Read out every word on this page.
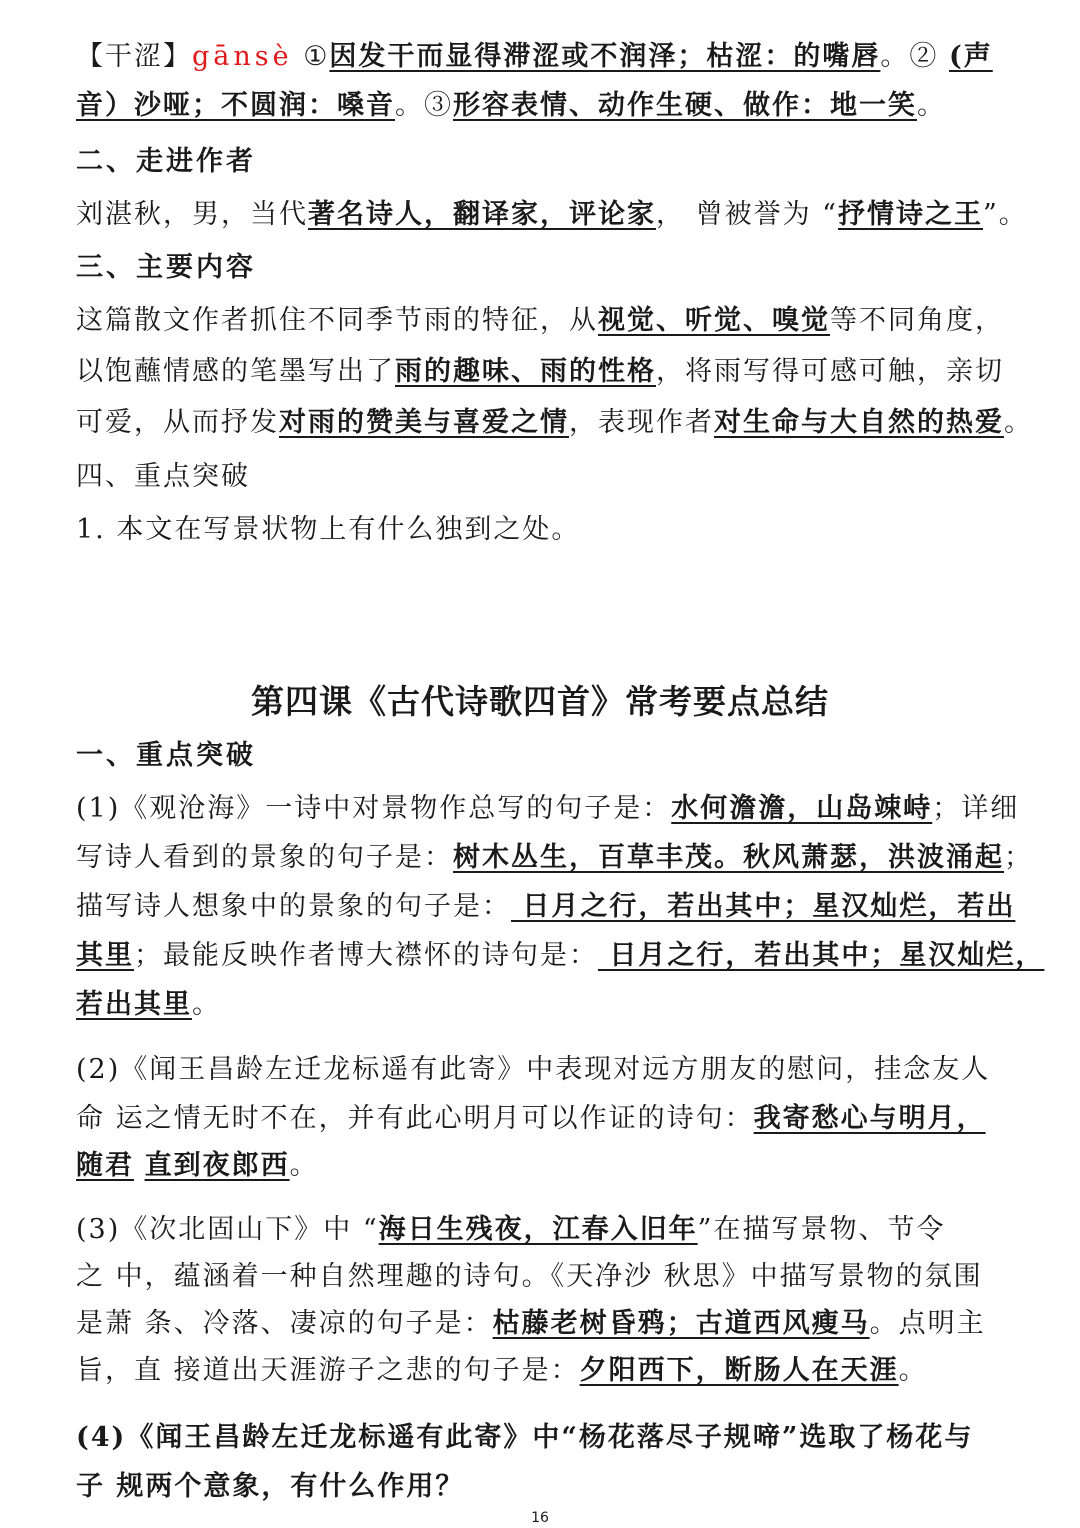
【干涩】gānsè ①因发干而显得滞涩或不润泽；枯涩：的嘴唇。② (声
音）沙哑；不圆润：嗓音。③形容表情、动作生硬、做作：地一笑。
二、走进作者
刘湛秋，男，当代著名诗人，翻译家，评论家， 曾被誉为 “抒情诗之王”。
三、主要内容
这篇散文作者抓住不同季节雨的特征，从视觉、听觉、嗅觉等不同角度，
以饱蘸情感的笔墨写出了雨的趣味、雨的性格，将雨写得可感可触，亲切
可爱，从而抒发对雨的赞美与喜爱之情，表现作者对生命与大自然的热爱。
四、重点突破
1. 本文在写景状物上有什么独到之处。
第四课《古代诗歌四首》常考要点总结
一、重点突破
(1)《观沧海》一诗中对景物作总写的句子是：水何澹澹，山岛竦峙；详细
写诗人看到的景象的句子是：树木丛生，百草丰茂。秋风萧瑟，洪波涌起；
描写诗人想象中的景象的句子是： 日月之行，若出其中；星汉灿烂，若出
其里；最能反映作者博大襟怀的诗句是： 日月之行，若出其中；星汉灿烂，
若出其里。
(2)《闻王昌龄左迁龙标遥有此寄》中表现对远方朋友的慰问，挂念友人
命 运之情无时不在，并有此心明月可以作证的诗句：我寄愁心与明月，
随君 直到夜郎西。
(3)《次北固山下》中 “海日生残夜，江春入旧年”在描写景物、节令
之 中，蕴涵着一种自然理趣的诗句。《天净沙 秋思》中描写景物的氛围
是萧 条、冷落、凄凉的句子是：枯藤老树昏鸦；古道西风瘦马。点明主
旨，直 接道出天涯游子之悲的句子是：夕阳西下，断肠人在天涯。
(4)《闻王昌龄左迁龙标遥有此寄》中“杨花落尽子规啼”选取了杨花与
子 规两个意象，有什么作用？
16
